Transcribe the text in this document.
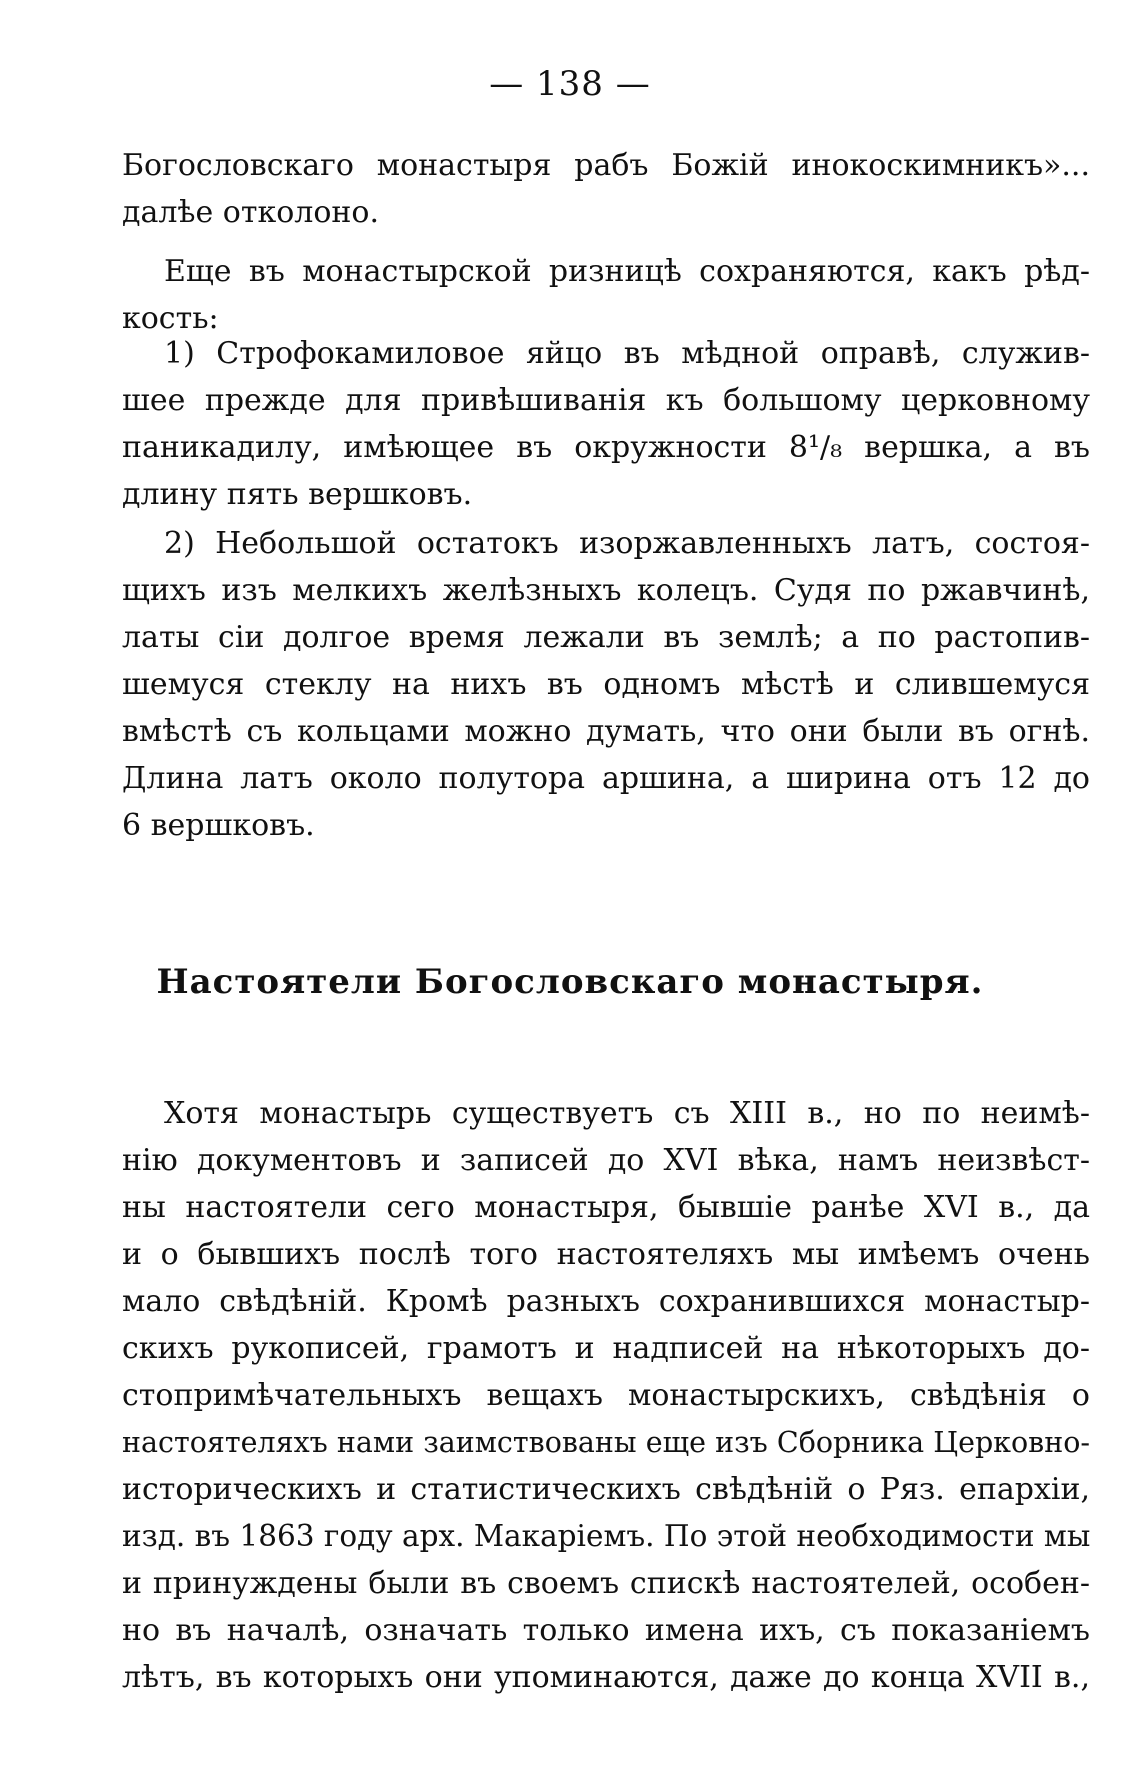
— 138 —
Богословскаго монастыря рабъ Божій инокоскимникъ»...
далѣе отколоно.
Еще въ монастырской ризницѣ сохраняются, какъ рѣд-
кость:
1) Строфокамиловое яйцо въ мѣдной оправѣ, служив-
шее прежде для привѣшиванія къ большому церковному
паникадилу, имѣющее въ окружности 8¹/₈ вершка, а въ
длину пять вершковъ.
2) Небольшой остатокъ изоржавленныхъ латъ, состоя-
щихъ изъ мелкихъ желѣзныхъ колецъ. Судя по ржавчинѣ,
латы сіи долгое время лежали въ землѣ; а по растопив-
шемуся стеклу на нихъ въ одномъ мѣстѣ и слившемуся
вмѣстѣ съ кольцами можно думать, что они были въ огнѣ.
Длина латъ около полутора аршина, а ширина отъ 12 до
6 вершковъ.
Настоятели Богословскаго монастыря.
Хотя монастырь существуетъ съ XIII в., но по неимѣ-
нію документовъ и записей до XVI вѣка, намъ неизвѣст-
ны настоятели сего монастыря, бывшіе ранѣе XVI в., да
и о бывшихъ послѣ того настоятеляхъ мы имѣемъ очень
мало свѣдѣній. Кромѣ разныхъ сохранившихся монастыр-
скихъ рукописей, грамотъ и надписей на нѣкоторыхъ до-
стопримѣчательныхъ вещахъ монастырскихъ, свѣдѣнія о
настоятеляхъ нами заимствованы еще изъ Сборника Церковно-
историческихъ и статистическихъ свѣдѣній о Ряз. епархіи,
изд. въ 1863 году арх. Макаріемъ. По этой необходимости мы
и принуждены были въ своемъ спискѣ настоятелей, особен-
но въ началѣ, означать только имена ихъ, съ показаніемъ
лѣтъ, въ которыхъ они упоминаются, даже до конца XVII в.,
